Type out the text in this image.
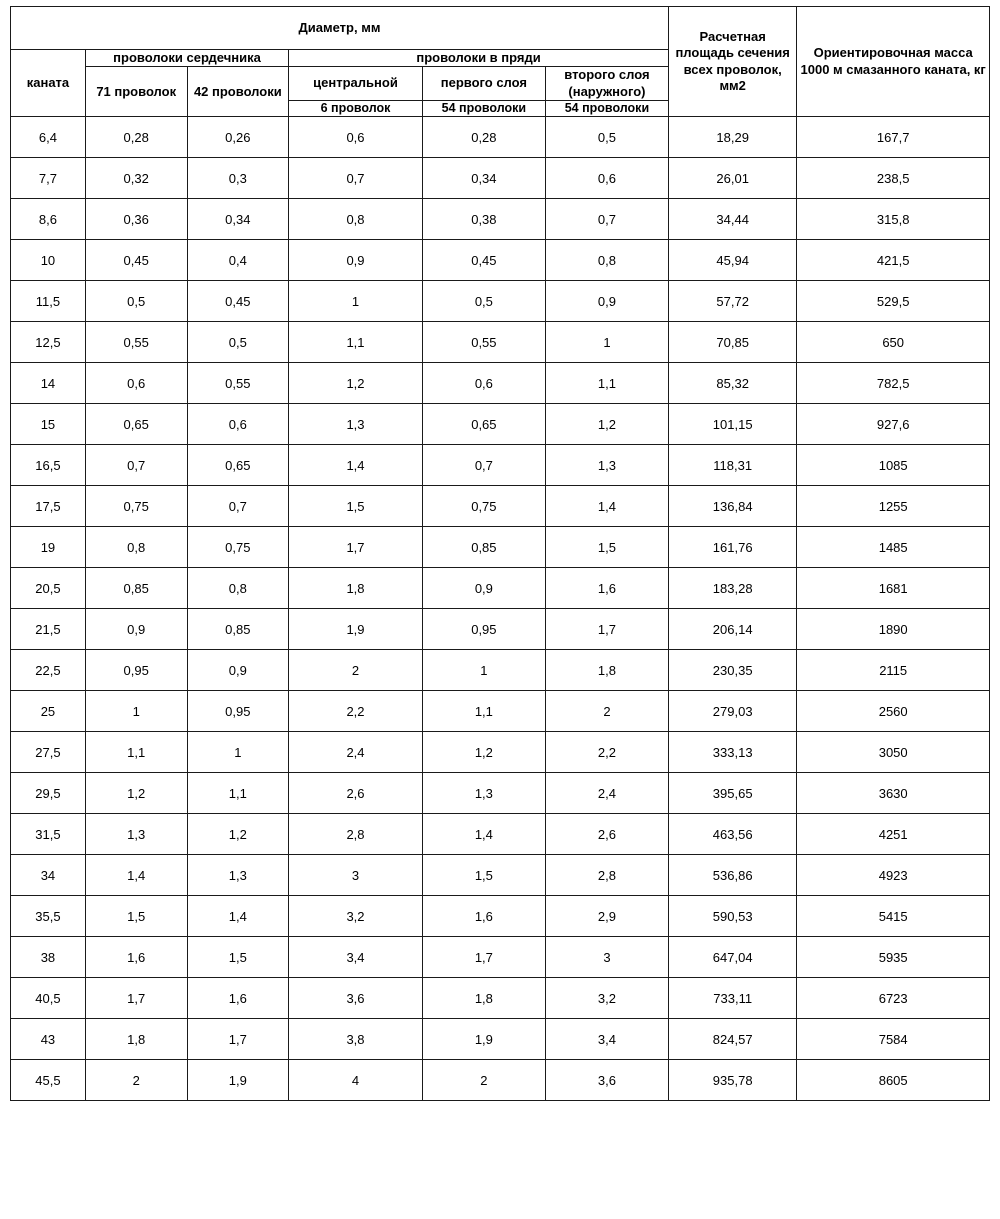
Диаметр, мм						Расчетная площадь сечения всех проволок, мм2	Ориентировочная масса 1000 м смазанного каната, кг
каната	проволоки сердечника		проволоки в пряди				
	71 проволок	42 проволоки	центральной	первого слоя	второго слоя (наружного)		
			6 проволок	54 проволоки	54 проволоки		
6,4	0,28	0,26	0,6	0,28	0,5	18,29	167,7
7,7	0,32	0,3	0,7	0,34	0,6	26,01	238,5
8,6	0,36	0,34	0,8	0,38	0,7	34,44	315,8
10	0,45	0,4	0,9	0,45	0,8	45,94	421,5
11,5	0,5	0,45	1	0,5	0,9	57,72	529,5
12,5	0,55	0,5	1,1	0,55	1	70,85	650
14	0,6	0,55	1,2	0,6	1,1	85,32	782,5
15	0,65	0,6	1,3	0,65	1,2	101,15	927,6
16,5	0,7	0,65	1,4	0,7	1,3	118,31	1085
17,5	0,75	0,7	1,5	0,75	1,4	136,84	1255
19	0,8	0,75	1,7	0,85	1,5	161,76	1485
20,5	0,85	0,8	1,8	0,9	1,6	183,28	1681
21,5	0,9	0,85	1,9	0,95	1,7	206,14	1890
22,5	0,95	0,9	2	1	1,8	230,35	2115
25	1	0,95	2,2	1,1	2	279,03	2560
27,5	1,1	1	2,4	1,2	2,2	333,13	3050
29,5	1,2	1,1	2,6	1,3	2,4	395,65	3630
31,5	1,3	1,2	2,8	1,4	2,6	463,56	4251
34	1,4	1,3	3	1,5	2,8	536,86	4923
35,5	1,5	1,4	3,2	1,6	2,9	590,53	5415
38	1,6	1,5	3,4	1,7	3	647,04	5935
40,5	1,7	1,6	3,6	1,8	3,2	733,11	6723
43	1,8	1,7	3,8	1,9	3,4	824,57	7584
45,5	2	1,9	4	2	3,6	935,78	8605
